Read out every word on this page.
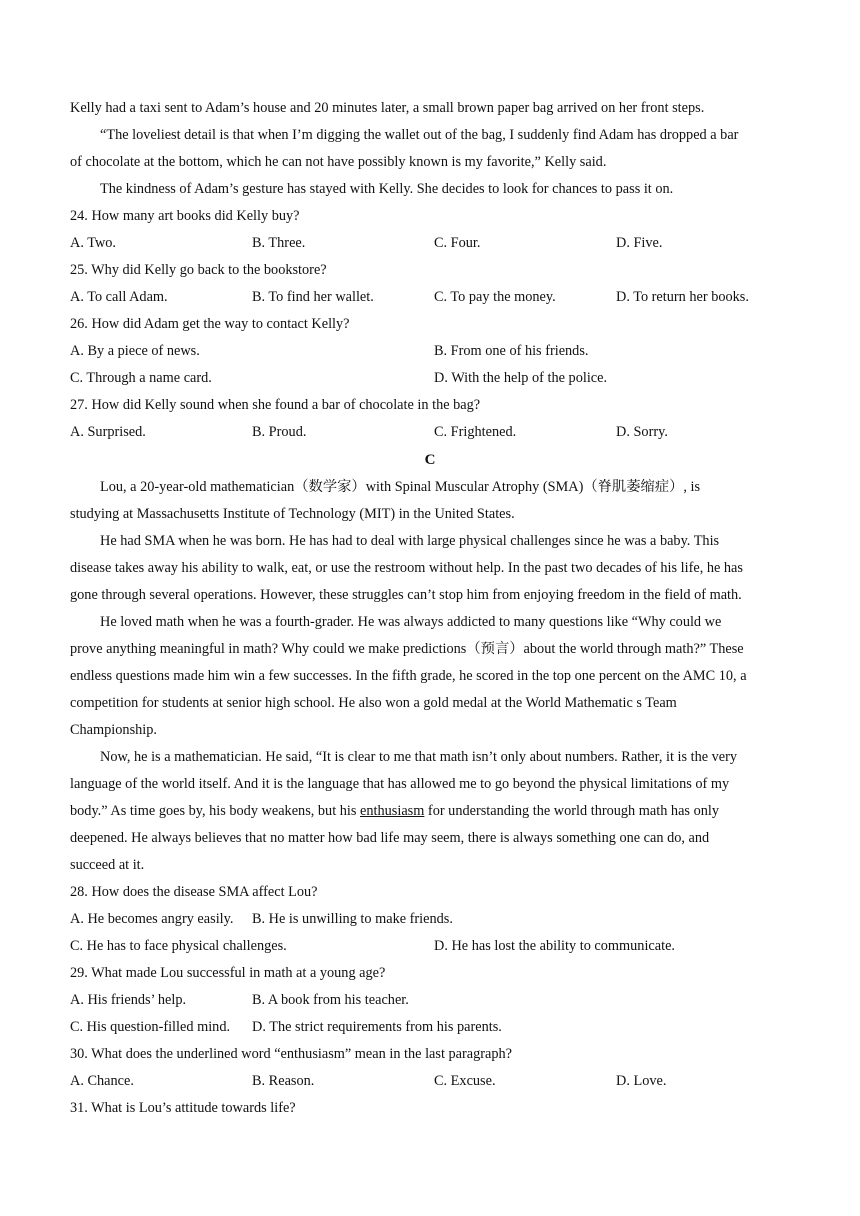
Kelly had a taxi sent to Adam’s house and 20 minutes later, a small brown paper bag arrived on her front steps.
“The loveliest detail is that when I’m digging the wallet out of the bag, I suddenly find Adam has dropped a bar
of chocolate at the bottom, which he can not have possibly known is my favorite,” Kelly said.
The kindness of Adam’s gesture has stayed with Kelly. She decides to look for chances to pass it on.
24. How many art books did Kelly buy?
A. Two.	B. Three.	C. Four.	D. Five.
25. Why did Kelly go back to the bookstore?
A. To call Adam.	B. To find her wallet.	C. To pay the money.	D. To return her books.
26. How did Adam get the way to contact Kelly?
A. By a piece of news.	B. From one of his friends.
C. Through a name card.	D. With the help of the police.
27. How did Kelly sound when she found a bar of chocolate in the bag?
A. Surprised.	B. Proud.	C. Frightened.	D. Sorry.
C
Lou, a 20-year-old mathematician（数学家）with Spinal Muscular Atrophy (SMA)（脊肌萎缩症）, is
studying at Massachusetts Institute of Technology (MIT) in the United States.
He had SMA when he was born. He has had to deal with large physical challenges since he was a baby. This
disease takes away his ability to walk, eat, or use the restroom without help. In the past two decades of his life, he has
gone through several operations. However, these struggles can’t stop him from enjoying freedom in the field of math.
He loved math when he was a fourth-grader. He was always addicted to many questions like “Why could we
prove anything meaningful in math? Why could we make predictions（预言）about the world through math?” These
endless questions made him win a few successes. In the fifth grade, he scored in the top one percent on the AMC 10, a
competition for students at senior high school. He also won a gold medal at the World Mathematic s Team
Championship.
Now, he is a mathematician. He said, “It is clear to me that math isn’t only about numbers. Rather, it is the very
language of the world itself. And it is the language that has allowed me to go beyond the physical limitations of my
body.” As time goes by, his body weakens, but his enthusiasm for understanding the world through math has only
deepened. He always believes that no matter how bad life may seem, there is always something one can do, and
succeed at it.
28. How does the disease SMA affect Lou?
A. He becomes angry easily. B. He is unwilling to make friends.
C. He has to face physical challenges.	D. He has lost the ability to communicate.
29. What made Lou successful in math at a young age?
A. His friends’ help.	B. A book from his teacher.
C. His question-filled mind. D. The strict requirements from his parents.
30. What does the underlined word “enthusiasm” mean in the last paragraph?
A. Chance.	B. Reason.	C. Excuse.	D. Love.
31. What is Lou’s attitude towards life?
